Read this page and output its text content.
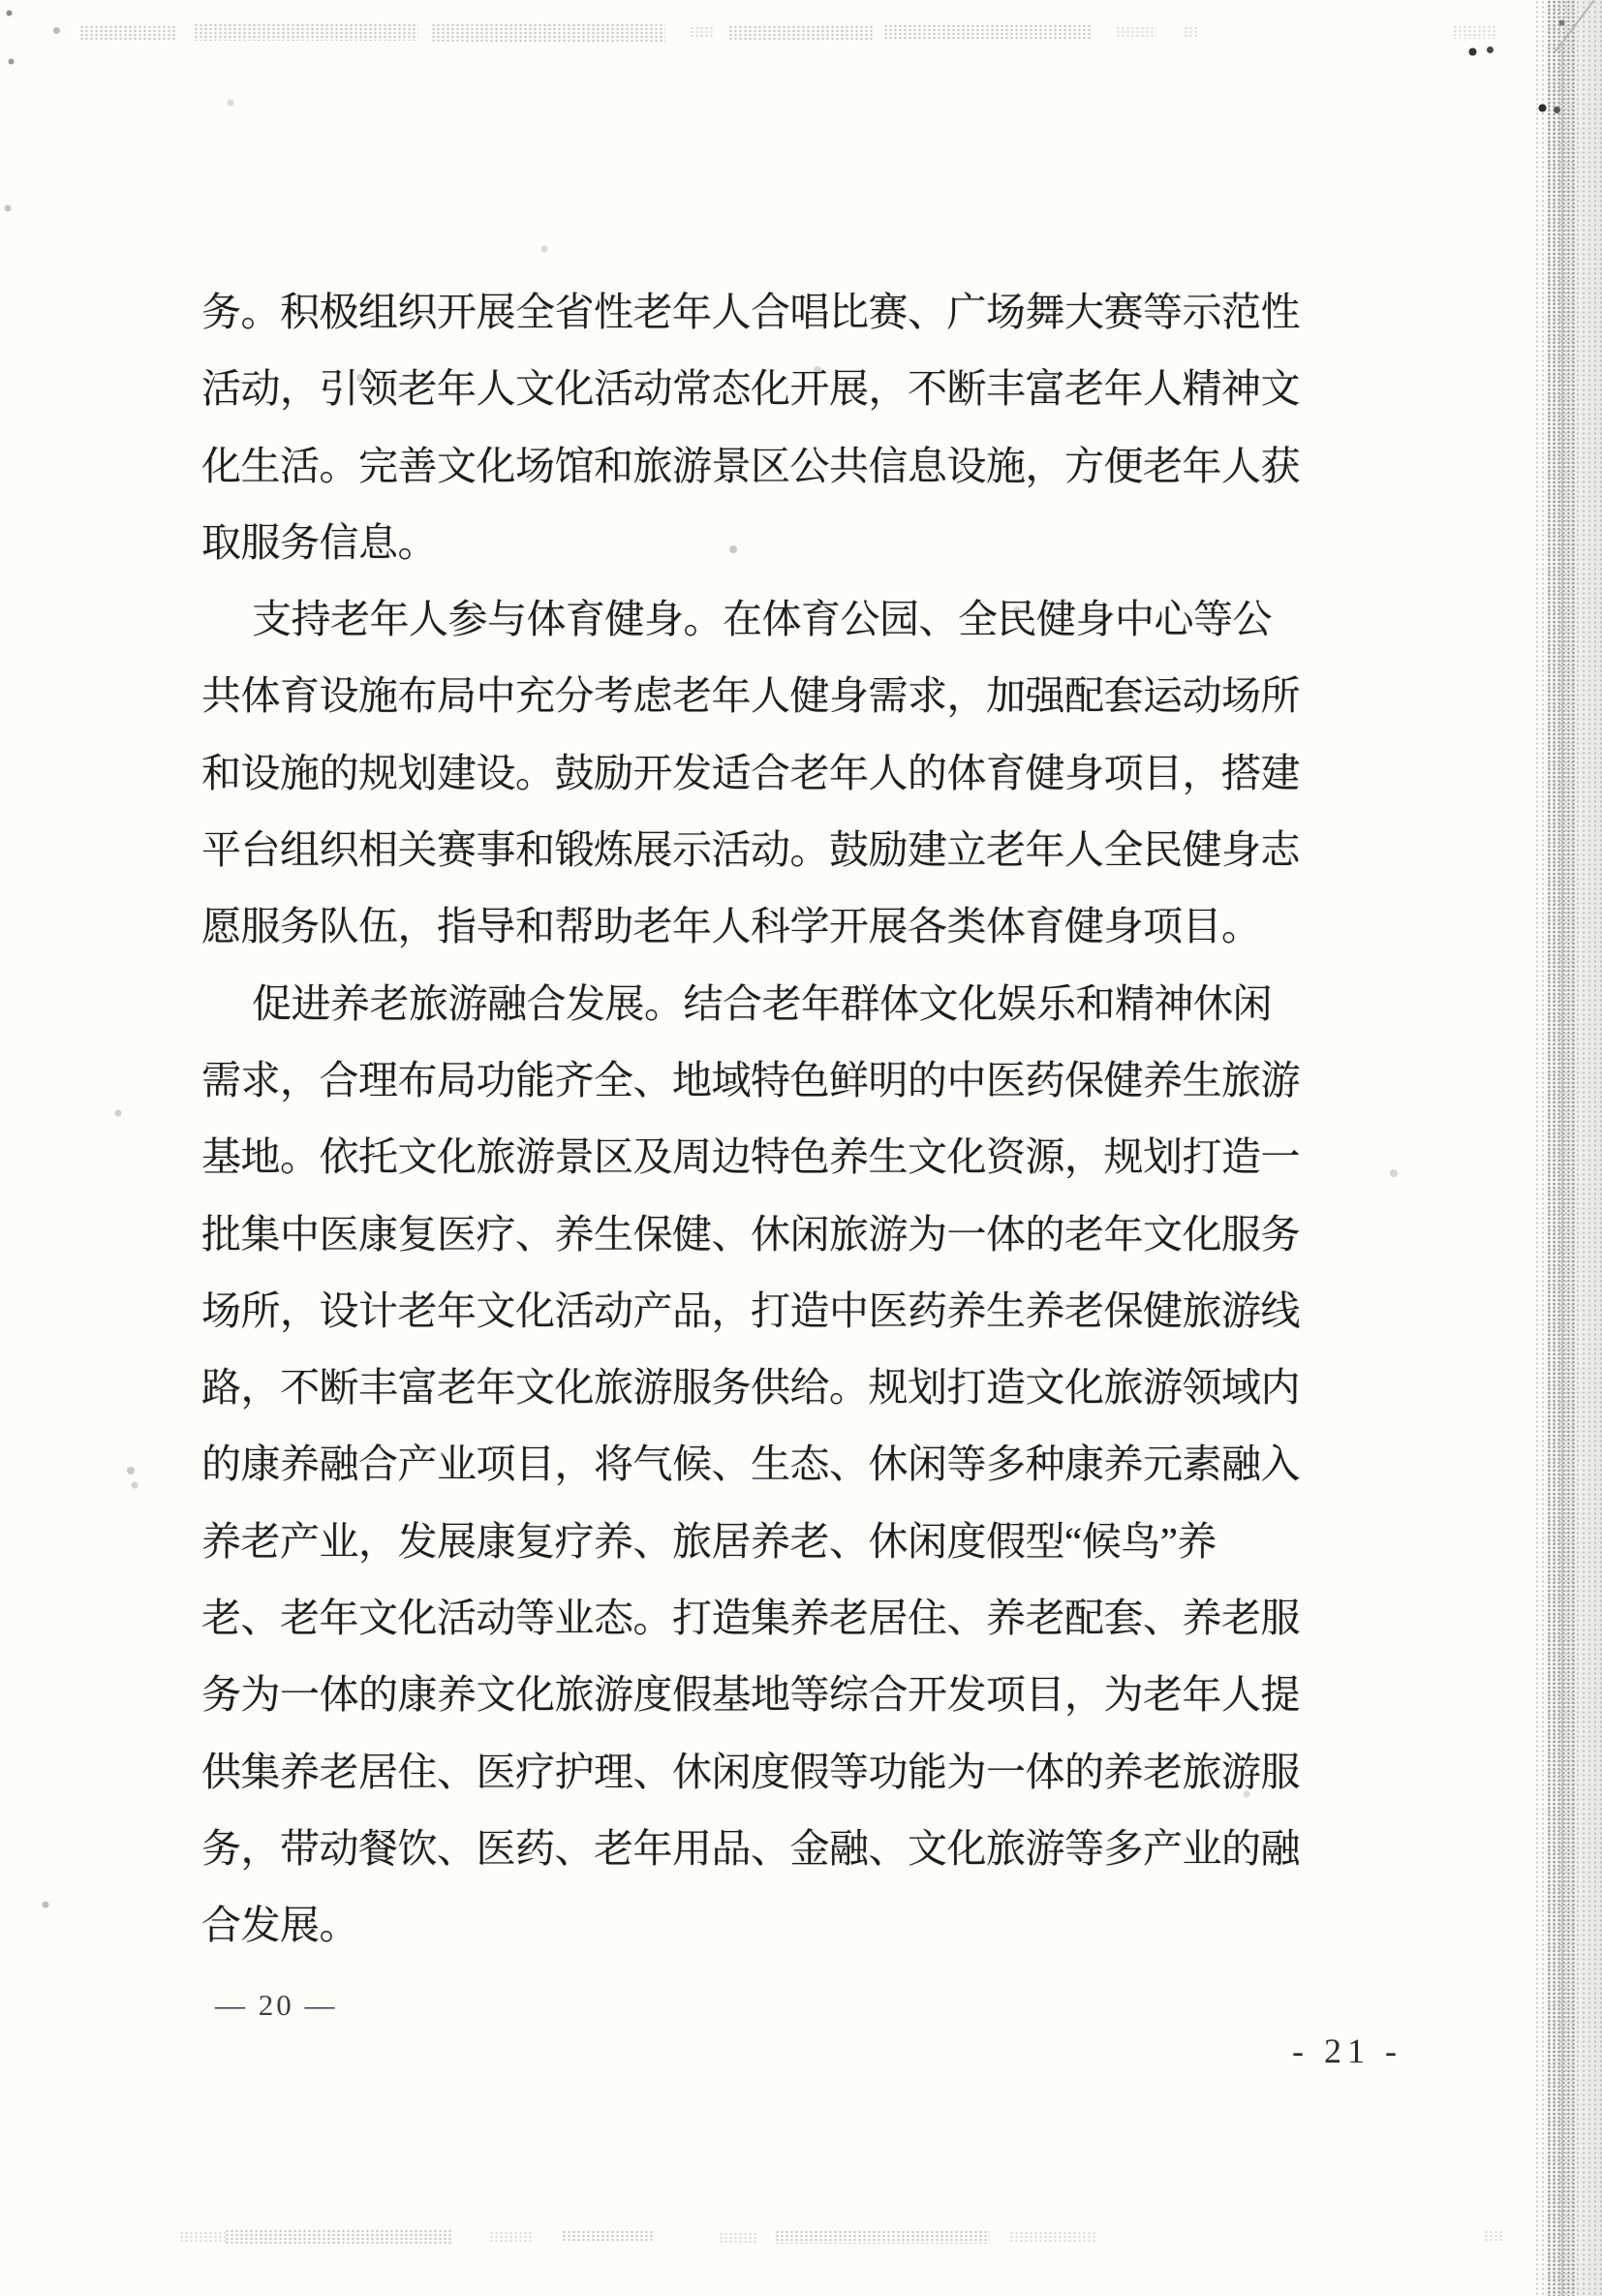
务。积极组织开展全省性老年人合唱比赛、广场舞大赛等示范性

活动，引领老年人文化活动常态化开展，不断丰富老年人精神文

化生活。完善文化场馆和旅游景区公共信息设施，方便老年人获

取服务信息。

支持老年人参与体育健身。在体育公园、全民健身中心等公

共体育设施布局中充分考虑老年人健身需求，加强配套运动场所

和设施的规划建设。鼓励开发适合老年人的体育健身项目，搭建

平台组织相关赛事和锻炼展示活动。鼓励建立老年人全民健身志

愿服务队伍，指导和帮助老年人科学开展各类体育健身项目。

促进养老旅游融合发展。结合老年群体文化娱乐和精神休闲

需求，合理布局功能齐全、地域特色鲜明的中医药保健养生旅游

基地。依托文化旅游景区及周边特色养生文化资源，规划打造一

批集中医康复医疗、养生保健、休闲旅游为一体的老年文化服务

场所，设计老年文化活动产品，打造中医药养生养老保健旅游线

路，不断丰富老年文化旅游服务供给。规划打造文化旅游领域内

的康养融合产业项目，将气候、生态、休闲等多种康养元素融入

养老产业，发展康复疗养、旅居养老、休闲度假型“候鸟”养

老、老年文化活动等业态。打造集养老居住、养老配套、养老服

务为一体的康养文化旅游度假基地等综合开发项目，为老年人提

供集养老居住、医疗护理、休闲度假等功能为一体的养老旅游服

务，带动餐饮、医药、老年用品、金融、文化旅游等多产业的融

合发展。

— 20 —
- 21 -
